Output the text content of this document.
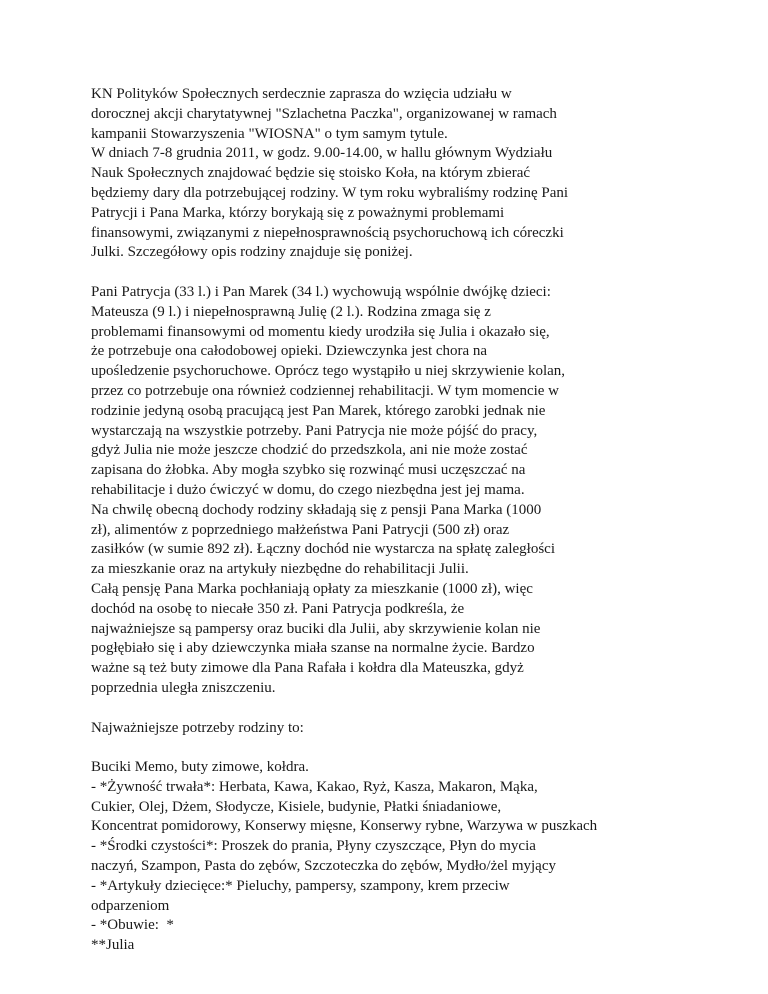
KN Polityków Społecznych serdecznie zaprasza do wzięcia udziału w
dorocznej akcji charytatywnej "Szlachetna Paczka", organizowanej w ramach
kampanii Stowarzyszenia "WIOSNA" o tym samym tytule.
W dniach 7-8 grudnia 2011, w godz. 9.00-14.00, w hallu głównym Wydziału
Nauk Społecznych znajdować będzie się stoisko Koła, na którym zbierać
będziemy dary dla potrzebującej rodziny. W tym roku wybraliśmy rodzinę Pani
Patrycji i Pana Marka, którzy borykają się z poważnymi problemami
finansowymi, związanymi z niepełnosprawnością psychoruchową ich córeczki
Julki. Szczegółowy opis rodziny znajduje się poniżej.

Pani Patrycja (33 l.) i Pan Marek (34 l.) wychowują wspólnie dwójkę dzieci:
Mateusza (9 l.) i niepełnosprawną Julię (2 l.). Rodzina zmaga się z
problemami finansowymi od momentu kiedy urodziła się Julia i okazało się,
że potrzebuje ona całodobowej opieki. Dziewczynka jest chora na
upośledzenie psychoruchowe. Oprócz tego wystąpiło u niej skrzywienie kolan,
przez co potrzebuje ona również codziennej rehabilitacji. W tym momencie w
rodzinie jedyną osobą pracującą jest Pan Marek, którego zarobki jednak nie
wystarczają na wszystkie potrzeby. Pani Patrycja nie może pójść do pracy,
gdyż Julia nie może jeszcze chodzić do przedszkola, ani nie może zostać
zapisana do żłobka. Aby mogła szybko się rozwinąć musi uczęszczać na
rehabilitacje i dużo ćwiczyć w domu, do czego niezbędna jest jej mama.
Na chwilę obecną dochody rodziny składają się z pensji Pana Marka (1000
zł), alimentów z poprzedniego małżeństwa Pani Patrycji (500 zł) oraz
zasiłków (w sumie 892 zł). Łączny dochód nie wystarcza na spłatę zaległości
za mieszkanie oraz na artykuły niezbędne do rehabilitacji Julii.
Całą pensję Pana Marka pochłaniają opłaty za mieszkanie (1000 zł), więc
dochód na osobę to niecałe 350 zł. Pani Patrycja podkreśla, że
najważniejsze są pampersy oraz buciki dla Julii, aby skrzywienie kolan nie
pogłębiało się i aby dziewczynka miała szanse na normalne życie. Bardzo
ważne są też buty zimowe dla Pana Rafała i kołdra dla Mateuszka, gdyż
poprzednia uległa zniszczeniu.

Najważniejsze potrzeby rodziny to:

Buciki Memo, buty zimowe, kołdra.
- *Żywność trwała*: Herbata, Kawa, Kakao, Ryż, Kasza, Makaron, Mąka,
Cukier, Olej, Dżem, Słodycze, Kisiele, budynie, Płatki śniadaniowe,
Koncentrat pomidorowy, Konserwy mięsne, Konserwy rybne, Warzywa w puszkach
- *Środki czystości*: Proszek do prania, Płyny czyszczące, Płyn do mycia
naczyń, Szampon, Pasta do zębów, Szczoteczka do zębów, Mydło/żel myjący
- *Artykuły dziecięce:* Pieluchy, pampersy, szampony, krem przeciw
odparzeniom
- *Obuwie:  *
**Julia
